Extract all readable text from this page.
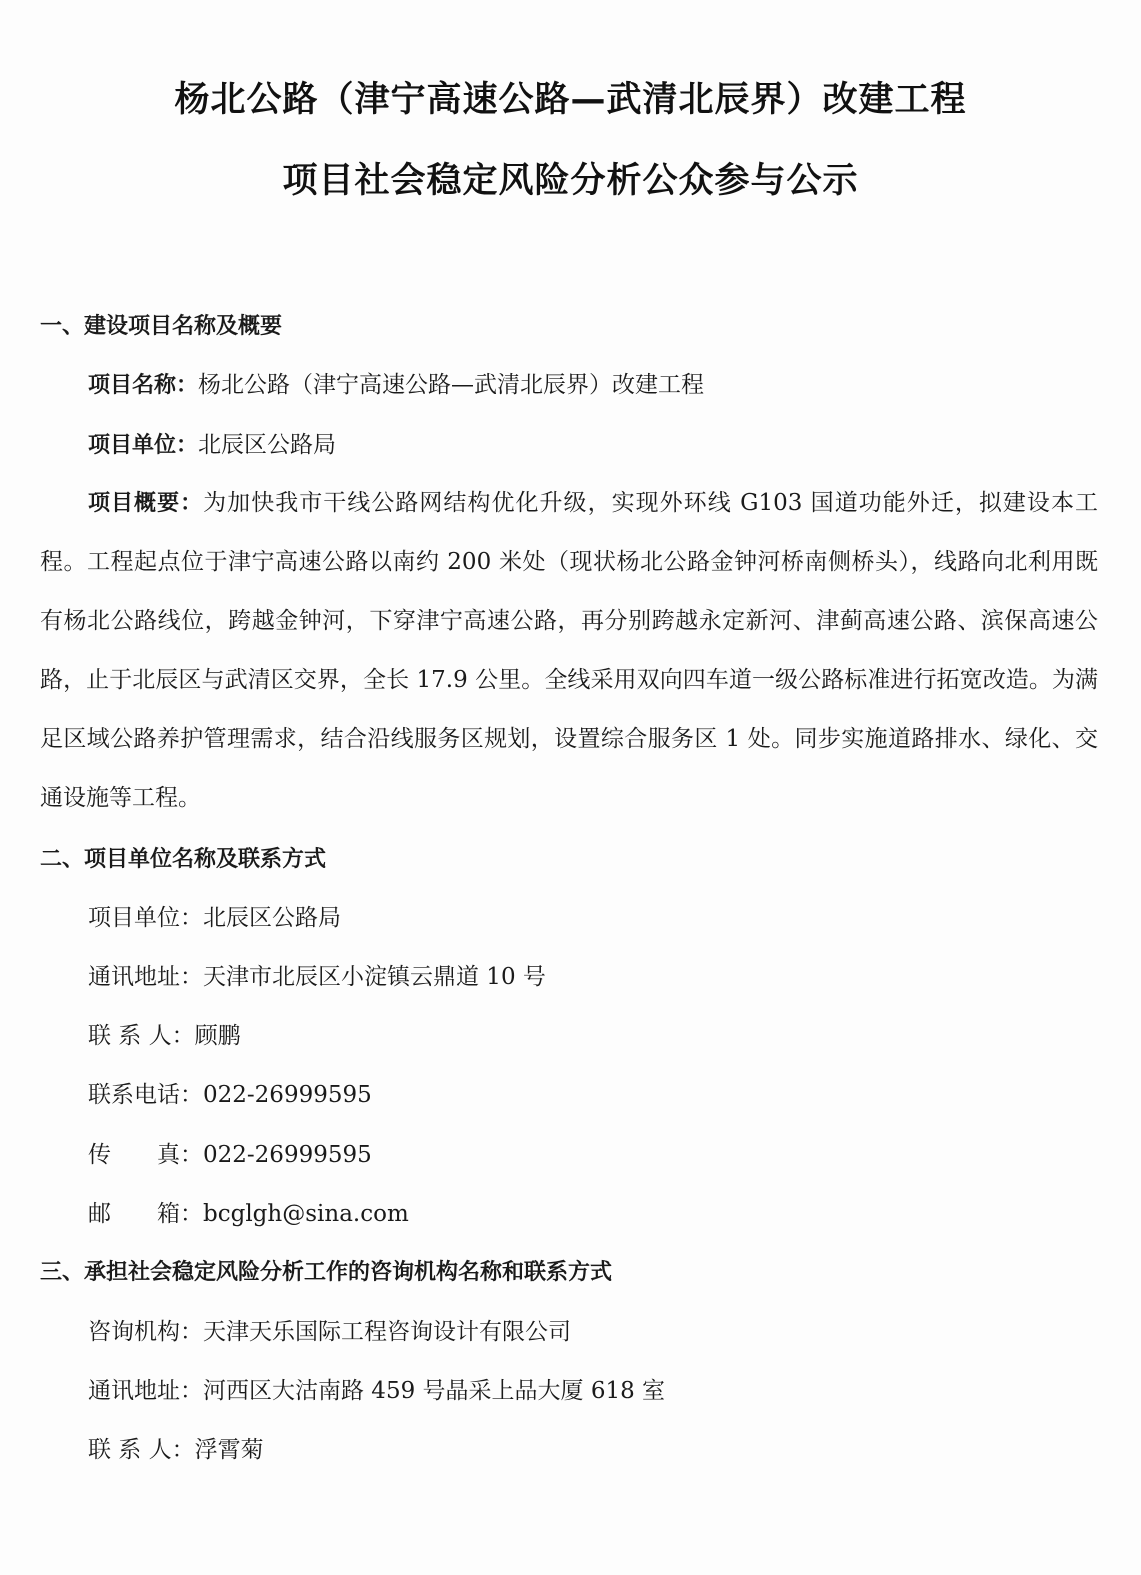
杨北公路（津宁高速公路—武清北辰界）改建工程
项目社会稳定风险分析公众参与公示
一、建设项目名称及概要
项目名称：杨北公路（津宁高速公路—武清北辰界）改建工程
项目单位：北辰区公路局
项目概要：为加快我市干线公路网结构优化升级，实现外环线 G103 国道功能外迁，拟建设本工程。工程起点位于津宁高速公路以南约 200 米处（现状杨北公路金钟河桥南侧桥头），线路向北利用既有杨北公路线位，跨越金钟河，下穿津宁高速公路，再分别跨越永定新河、津蓟高速公路、滨保高速公路，止于北辰区与武清区交界，全长 17.9 公里。全线采用双向四车道一级公路标准进行拓宽改造。为满足区域公路养护管理需求，结合沿线服务区规划，设置综合服务区 1 处。同步实施道路排水、绿化、交通设施等工程。
二、项目单位名称及联系方式
项目单位：北辰区公路局
通讯地址：天津市北辰区小淀镇云鼎道 10 号
联 系 人：顾鹏
联系电话：022-26999595
传　　真：022-26999595
邮　　箱：bcglgh@sina.com
三、承担社会稳定风险分析工作的咨询机构名称和联系方式
咨询机构：天津天乐国际工程咨询设计有限公司
通讯地址：河西区大沽南路 459 号晶采上品大厦 618 室
联 系 人：浮霄菊
